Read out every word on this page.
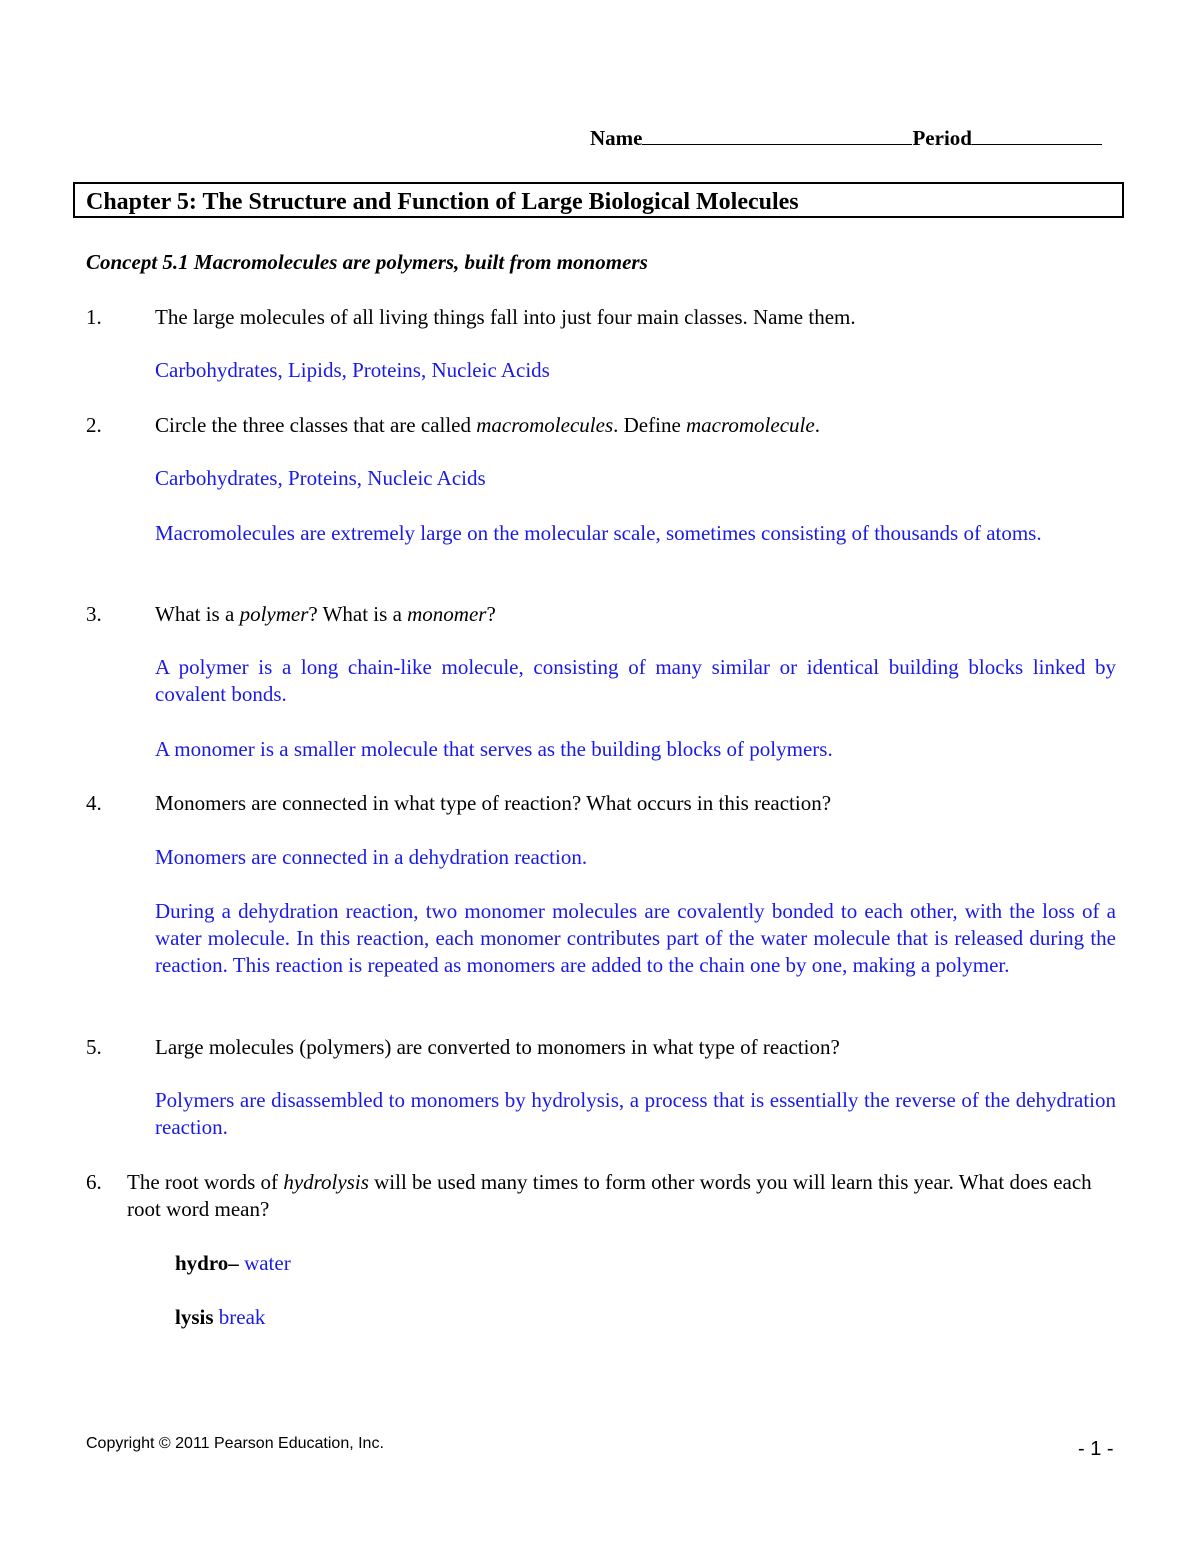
Name	Period
Chapter 5: The Structure and Function of Large Biological Molecules
Concept 5.1 Macromolecules are polymers, built from monomers
1.	The large molecules of all living things fall into just four main classes. Name them.
Carbohydrates, Lipids, Proteins, Nucleic Acids
2.	Circle the three classes that are called macromolecules. Define macromolecule.
Carbohydrates, Proteins, Nucleic Acids
Macromolecules are extremely large on the molecular scale, sometimes consisting of thousands of atoms.
3.	What is a polymer? What is a monomer?
A polymer is a long chain-like molecule, consisting of many similar or identical building blocks linked by covalent bonds.
A monomer is a smaller molecule that serves as the building blocks of polymers.
4.	Monomers are connected in what type of reaction? What occurs in this reaction?
Monomers are connected in a dehydration reaction.
During a dehydration reaction, two monomer molecules are covalently bonded to each other, with the loss of a water molecule. In this reaction, each monomer contributes part of the water molecule that is released during the reaction. This reaction is repeated as monomers are added to the chain one by one, making a polymer.
5.	Large molecules (polymers) are converted to monomers in what type of reaction?
Polymers are disassembled to monomers by hydrolysis, a process that is essentially the reverse of the dehydration reaction.
6. The root words of hydrolysis will be used many times to form other words you will learn this year. What does each root word mean?
hydro– water
lysis break
Copyright © 2011 Pearson Education, Inc.	- 1 -
